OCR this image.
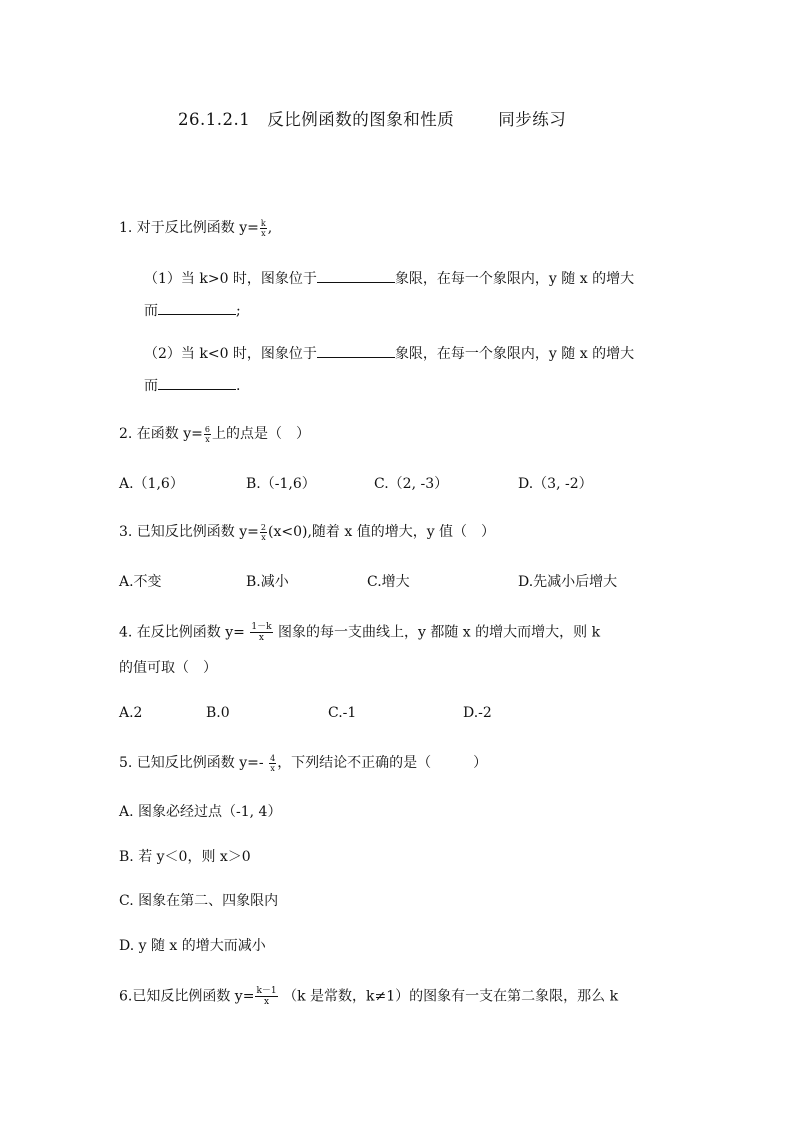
26.1.2.1　反比例函数的图象和性质	同步练习
1. 对于反比例函数 $y= \frac{k}{x}$ ,
（1）当 k>0 时，图象位于	象限，在每一个象限内，y 随 x 的增大
而	;
（2）当 k<0 时，图象位于	象限，在每一个象限内，y 随 x 的增大
而	.
2. 在函数 $y= \frac{6}{x}$ 上的点是（　）
A.（1,6）	B.（-1,6）	C.（2, -3）	D.（3, -2）
3. 已知反比例函数 $y= \frac{2}{x} (x<0)$,随着 x 值的增大，y 值（　）
A.不变	B.减小	C.增大	D.先减小后增大
4. 在反比例函数 $y= \frac{1-k}{x}$ 图象的每一支曲线上，y 都随 x 的增大而增大，则 k
的值可取（　）
A.2	B.0	C.-1	D.-2
5. 已知反比例函数 $y=- \frac{4}{x}$ ，下列结论不正确的是（　　　）
A. 图象必经过点（-1, 4）
B. 若 y＜0，则 x＞0
C. 图象在第二、四象限内
D. y 随 x 的增大而减小
6.已知反比例函数 $y= \frac{k-1}{x} (k$ 是常数，k≠1）的图象有一支在第二象限，那么 k
